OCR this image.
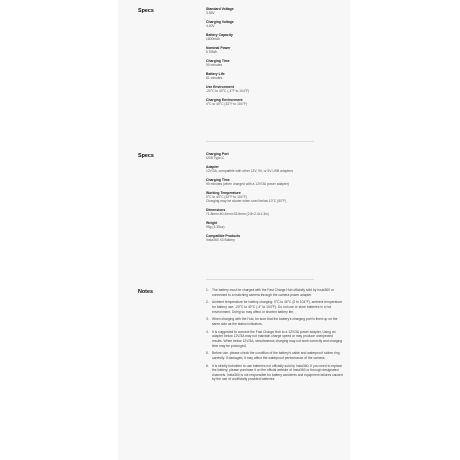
Specs	Standard Voltage
3.85V
Charging Voltage
4.40V
Battery Capacity
1800mAh
Nominal Power
6.93Wh
Charging Time
90 minutes
Battery Life
81 minutes
Use Environment
-20°C to 40°C (-4°F to 104°F)
Charging Environment
0°C to 40°C (32°F to 104°F)
Specs	Charging Port
USB Type-C
Adapter
12V/3A, compatible with other 12V, 9V, or 5V USB adapters
Charging Time
90 minutes (when charged with a 12V/3A power adapter)
Working Temperature
0°C to 40°C (32°F to 104°F)
Charging may be slower when used below 10°C (50°F)
Dimensions
71.8mm×60.4mm×33.6mm (2.8×2.4×1.3in)
Weight
95g (3.35oz)
Compatible Products
Insta360 X3 Battery
Notes	1. The battery must be charged with the Fast Charge Hub officially sold by Insta360 or connected to a matching camera through the camera power adapter.
2. Ambient temperature for battery charging: 0°C to 40°C (0 to 104°F), ambient temperature for battery use: -20°C to 40°C (-4° to 104°F). Do not use or store batteries in a hot environment. Doing so may affect or shorten battery life.
3. When charging with the Hub, be sure that the battery's charging port is lined up on the same side as the status indicators.
4. It is suggested to connect the Fast Charge Hub to a 12V/3A power adapter. Using an adapter below 12V/3A may not maintain charge speed or may produce unexpected results. When below 12V/3A, simultaneous charging may not work correctly and charging time may be prolonged.
5. Before use, please check the condition of the battery's cable and waterproof rubber ring carefully. If damaged, it may affect the waterproof performance of the camera.
6. It is strictly forbidden to use batteries not officially sold by Insta360. If you need to replace the battery, please purchase it on the official website of Insta360 or through designated channels. Insta360 is not responsible for battery accidents and equipment failures caused by the use of unofficially provided batteries.
